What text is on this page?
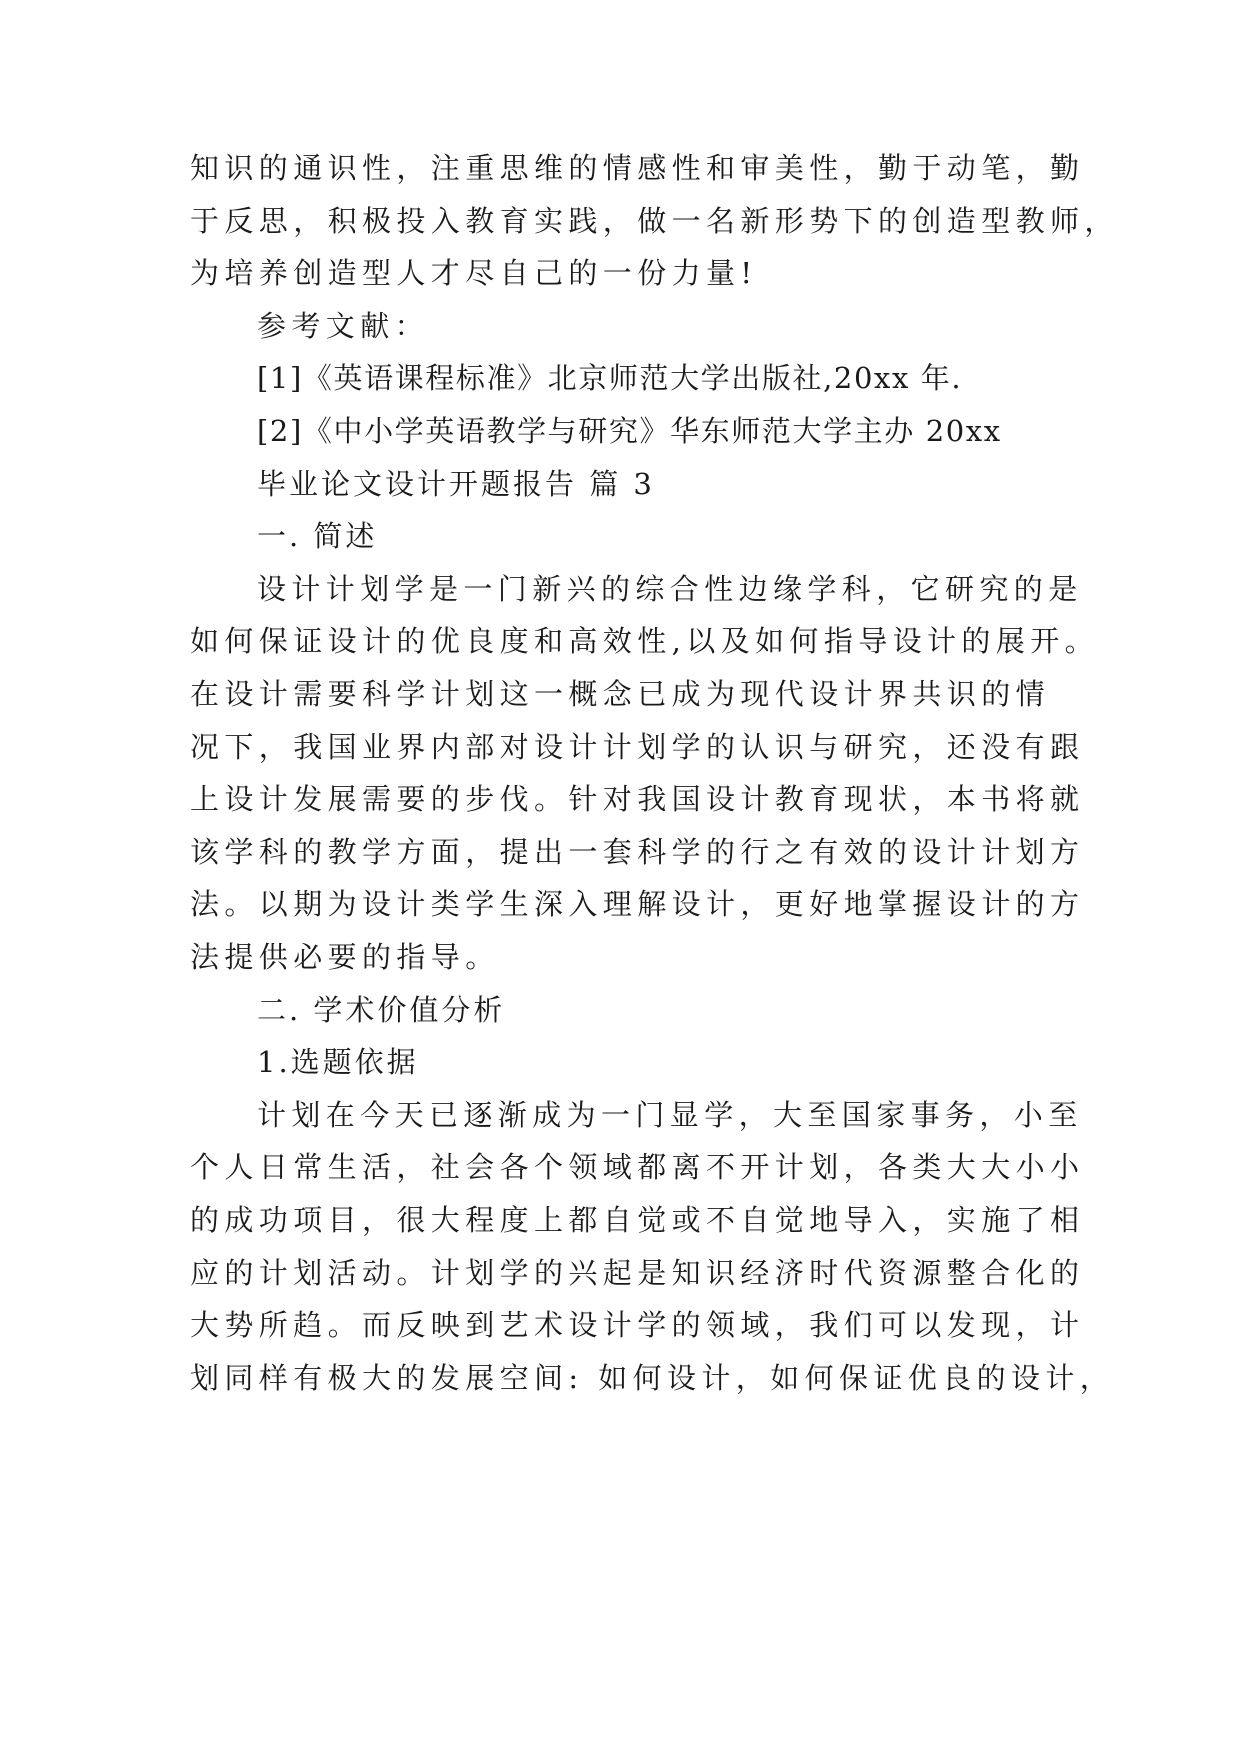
知识的通识性，注重思维的情感性和审美性，勤于动笔，勤
于反思，积极投入教育实践，做一名新形势下的创造型教师，
为培养创造型人才尽自己的一份力量!
参考文献：
[1]《英语课程标准》北京师范大学出版社,20xx 年.
[2]《中小学英语教学与研究》华东师范大学主办 20xx
毕业论文设计开题报告 篇 3
一. 简述
设计计划学是一门新兴的综合性边缘学科，它研究的是
如何保证设计的优良度和高效性,以及如何指导设计的展开。
在设计需要科学计划这一概念已成为现代设计界共识的情
况下，我国业界内部对设计计划学的认识与研究，还没有跟
上设计发展需要的步伐。针对我国设计教育现状，本书将就
该学科的教学方面，提出一套科学的行之有效的设计计划方
法。以期为设计类学生深入理解设计，更好地掌握设计的方
法提供必要的指导。
二. 学术价值分析
1.选题依据
计划在今天已逐渐成为一门显学，大至国家事务，小至
个人日常生活，社会各个领域都离不开计划，各类大大小小
的成功项目，很大程度上都自觉或不自觉地导入，实施了相
应的计划活动。计划学的兴起是知识经济时代资源整合化的
大势所趋。而反映到艺术设计学的领域，我们可以发现，计
划同样有极大的发展空间: 如何设计，如何保证优良的设计，
